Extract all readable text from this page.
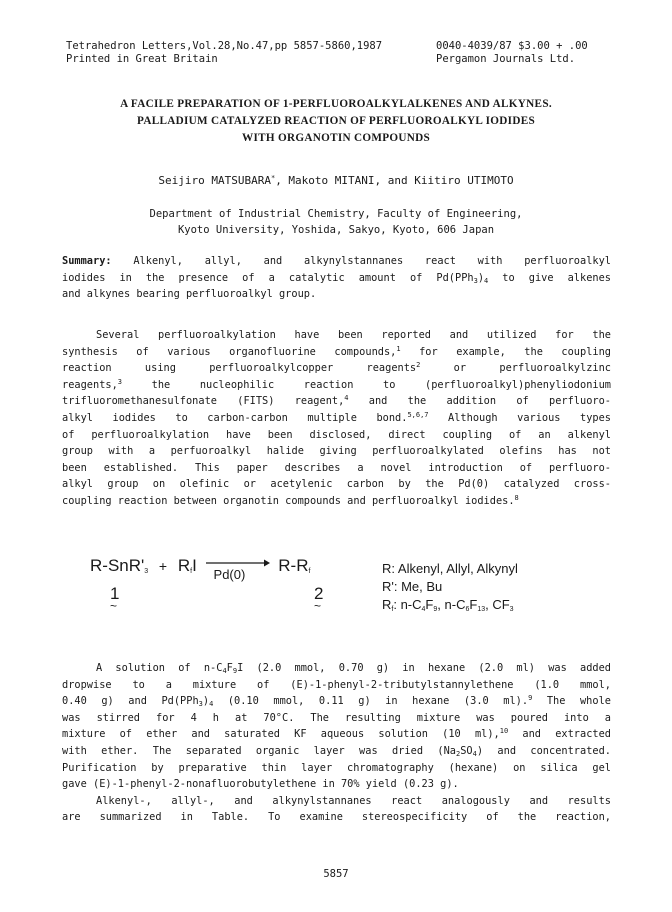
Tetrahedron Letters,Vol.28,No.47,pp 5857-5860,1987
Printed in Great Britain
0040-4039/87 $3.00 + .00
Pergamon Journals Ltd.
A FACILE PREPARATION OF 1-PERFLUOROALKYLALKENES AND ALKYNES.
PALLADIUM CATALYZED REACTION OF PERFLUOROALKYL IODIDES
WITH ORGANOTIN COMPOUNDS
Seijiro MATSUBARA*, Makoto MITANI, and Kiitiro UTIMOTO
Department of Industrial Chemistry, Faculty of Engineering,
Kyoto University, Yoshida, Sakyo, Kyoto, 606 Japan
Summary: Alkenyl, allyl, and alkynylstannanes react with perfluoroalkyl
iodides in the presence of a catalytic amount of $Pd(PPh_3)_4$ to give alkenes
and alkynes bearing perfluoroalkyl group.
Several perfluoroalkylation have been reported and utilized for the
synthesis of various organofluorine compounds,$^1$ for example, the coupling
reaction using perfluoroalkylcopper reagents$^2$ or perfluoroalkylzinc
reagents,$^3$ the nucleophilic reaction to (perfluoroalkyl)phenyliodonium
trifluoromethanesulfonate (FITS) reagent,$^4$ and the addition of perfluoro-
alkyl iodides to carbon-carbon multiple bond.$^{5,6,7}$ Although various types
of perfluoroalkylation have been disclosed, direct coupling of an alkenyl
group with a perfuoroalkyl halide giving perfluoroalkylated olefins has not
been established. This paper describes a novel introduction of perfluoro-
alkyl group on olefinic or acetylenic carbon by the Pd(0) catalyzed cross-
coupling reaction between organotin compounds and perfluoroalkyl iodides.$^8$
$R-SnR'_3 + R_fI$ Pd(0) $R-R_f$
1
~
2
~
R: Alkenyl, Allyl, Alkynyl
R': Me, Bu
$R_f$: $n-C_4F_9$, $n-C_6F_{13}$, $CF_3$
A solution of $n-C_4F_9I$ (2.0 mmol, 0.70 g) in hexane (2.0 ml) was added
dropwise to a mixture of (E)-1-phenyl-2-tributylstannylethene (1.0 mmol,
0.40 g) and $Pd(PPh_3)_4$ (0.10 mmol, 0.11 g) in hexane (3.0 ml).$^9$ The whole
was stirred for 4 h at 70°C. The resulting mixture was poured into a
mixture of ether and saturated KF aqueous solution (10 ml),$^{10}$ and extracted
with ether. The separated organic layer was dried $(Na_2SO_4)$ and concentrated.
Purification by preparative thin layer chromatography (hexane) on silica gel
gave (E)-1-phenyl-2-nonafluorobutylethene in 70% yield (0.23 g).
Alkenyl-, allyl-, and alkynylstannanes react analogously and results
are summarized in Table. To examine stereospecificity of the reaction,
5857
